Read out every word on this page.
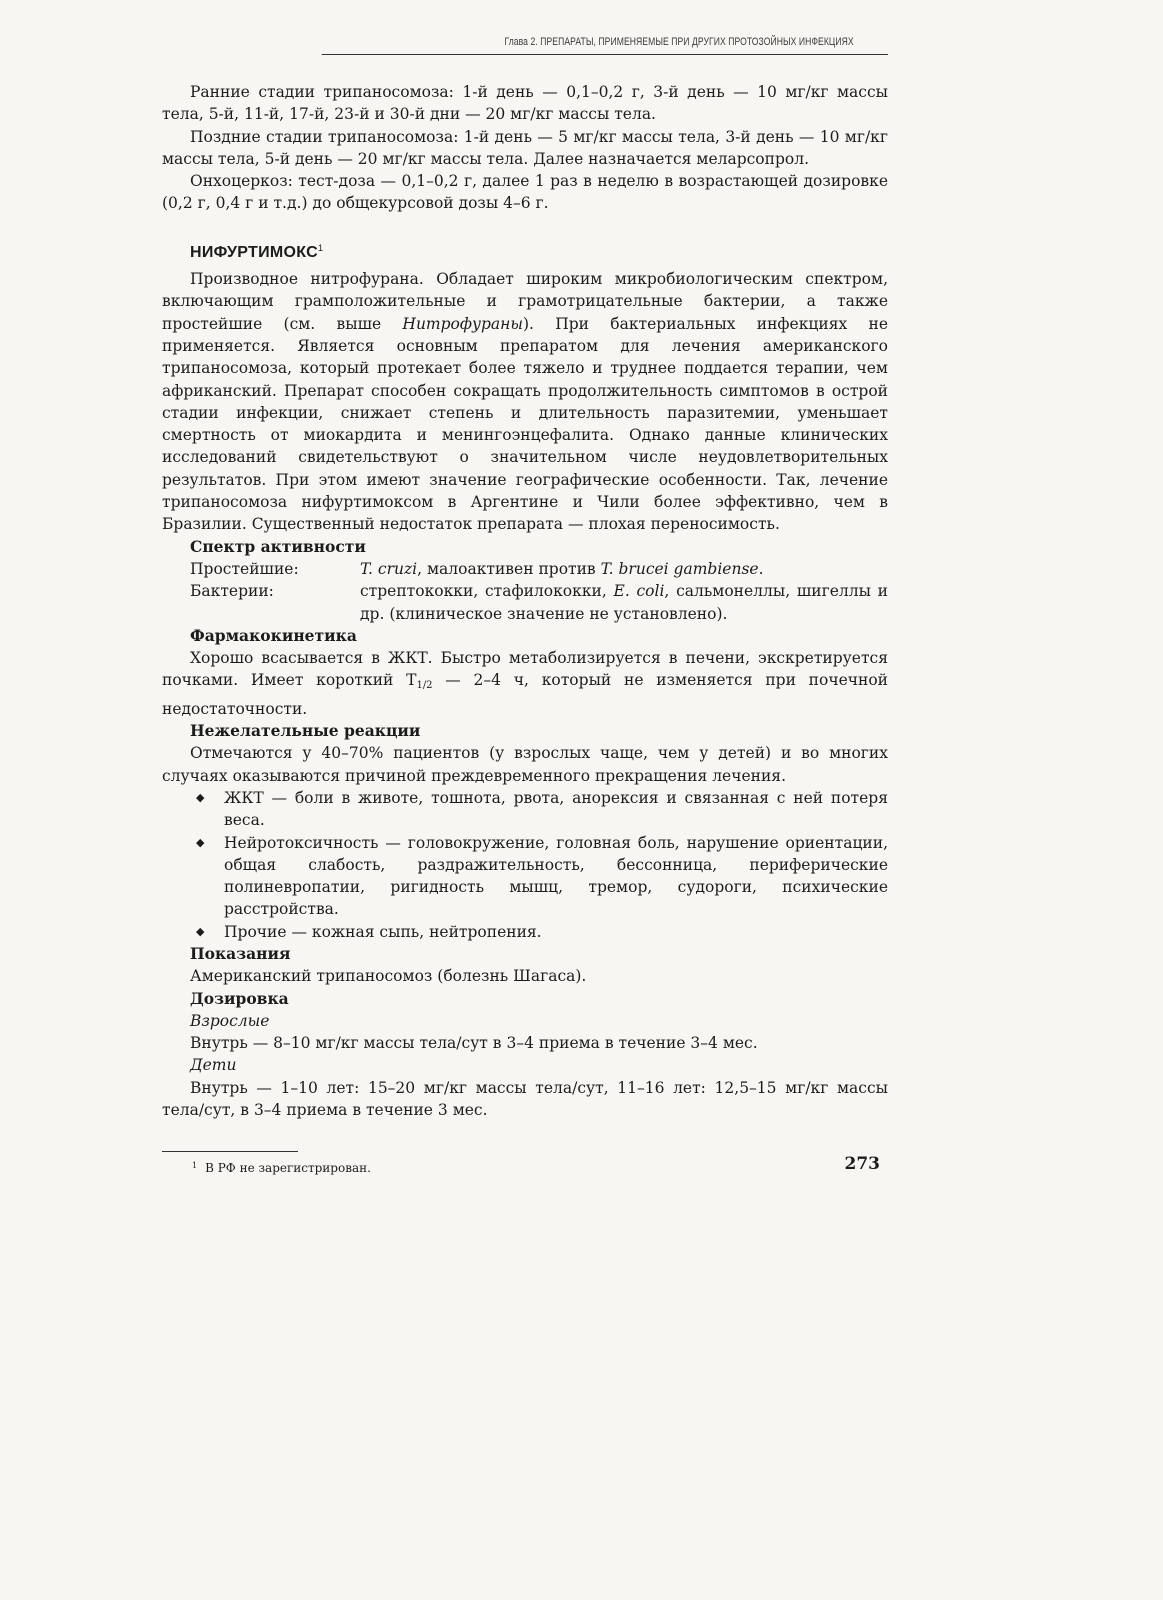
Глава 2. ПРЕПАРАТЫ, ПРИМЕНЯЕМЫЕ ПРИ ДРУГИХ ПРОТОЗОЙНЫХ ИНФЕКЦИЯХ

Ранние стадии трипаносомоза: 1-й день — 0,1–0,2 г, 3-й день — 10 мг/кг массы тела, 5-й, 11-й, 17-й, 23-й и 30-й дни — 20 мг/кг массы тела.

Поздние стадии трипаносомоза: 1-й день — 5 мг/кг массы тела, 3-й день — 10 мг/кг массы тела, 5-й день — 20 мг/кг массы тела. Далее назначается меларсопрол.

Онхоцеркоз: тест-доза — 0,1–0,2 г, далее 1 раз в неделю в возрастающей дозировке (0,2 г, 0,4 г и т.д.) до общекурсовой дозы 4–6 г.

НИФУРТИМОКС$^1$

Производное нитрофурана. Обладает широким микробиологическим спектром, включающим грамположительные и грамотрицательные бактерии, а также простейшие (см. выше Нитрофураны). При бактериальных инфекциях не применяется. Является основным препаратом для лечения американского трипаносомоза, который протекает более тяжело и труднее поддается терапии, чем африканский. Препарат способен сокращать продолжительность симптомов в острой стадии инфекции, снижает степень и длительность паразитемии, уменьшает смертность от миокардита и менингоэнцефалита. Однако данные клинических исследований свидетельствуют о значительном числе неудовлетворительных результатов. При этом имеют значение географические особенности. Так, лечение трипаносомоза нифуртимоксом в Аргентине и Чили более эффективно, чем в Бразилии. Существенный недостаток препарата — плохая переносимость.

Спектр активности
Простейшие:	T. cruzi, малоактивен против T. brucei gambiense.
Бактерии:	стрептококки, стафилококки, E. coli, сальмонеллы, шигеллы и др. (клиническое значение не установлено).
Фармакокинетика

Хорошо всасывается в ЖКТ. Быстро метаболизируется в печени, экскретируется почками. Имеет короткий Т1/2 — 2–4 ч, который не изменяется при почечной недостаточности.

Нежелательные реакции

Отмечаются у 40–70% пациентов (у взрослых чаще, чем у детей) и во многих случаях оказываются причиной преждевременного прекращения лечения.

◆ ЖКТ — боли в животе, тошнота, рвота, анорексия и связанная с ней потеря веса.
◆ Нейротоксичность — головокружение, головная боль, нарушение ориентации, общая слабость, раздражительность, бессонница, периферические полиневропатии, ригидность мышц, тремор, судороги, психические расстройства.
◆ Прочие — кожная сыпь, нейтропения.
Показания

Американский трипаносомоз (болезнь Шагаса).

Дозировка
Взрослые

Внутрь — 8–10 мг/кг массы тела/сут в 3–4 приема в течение 3–4 мес.

Дети

Внутрь — 1–10 лет: 15–20 мг/кг массы тела/сут, 11–16 лет: 12,5–15 мг/кг массы тела/сут, в 3–4 приема в течение 3 мес.

$^1$ В РФ не зарегистрирован.	273
